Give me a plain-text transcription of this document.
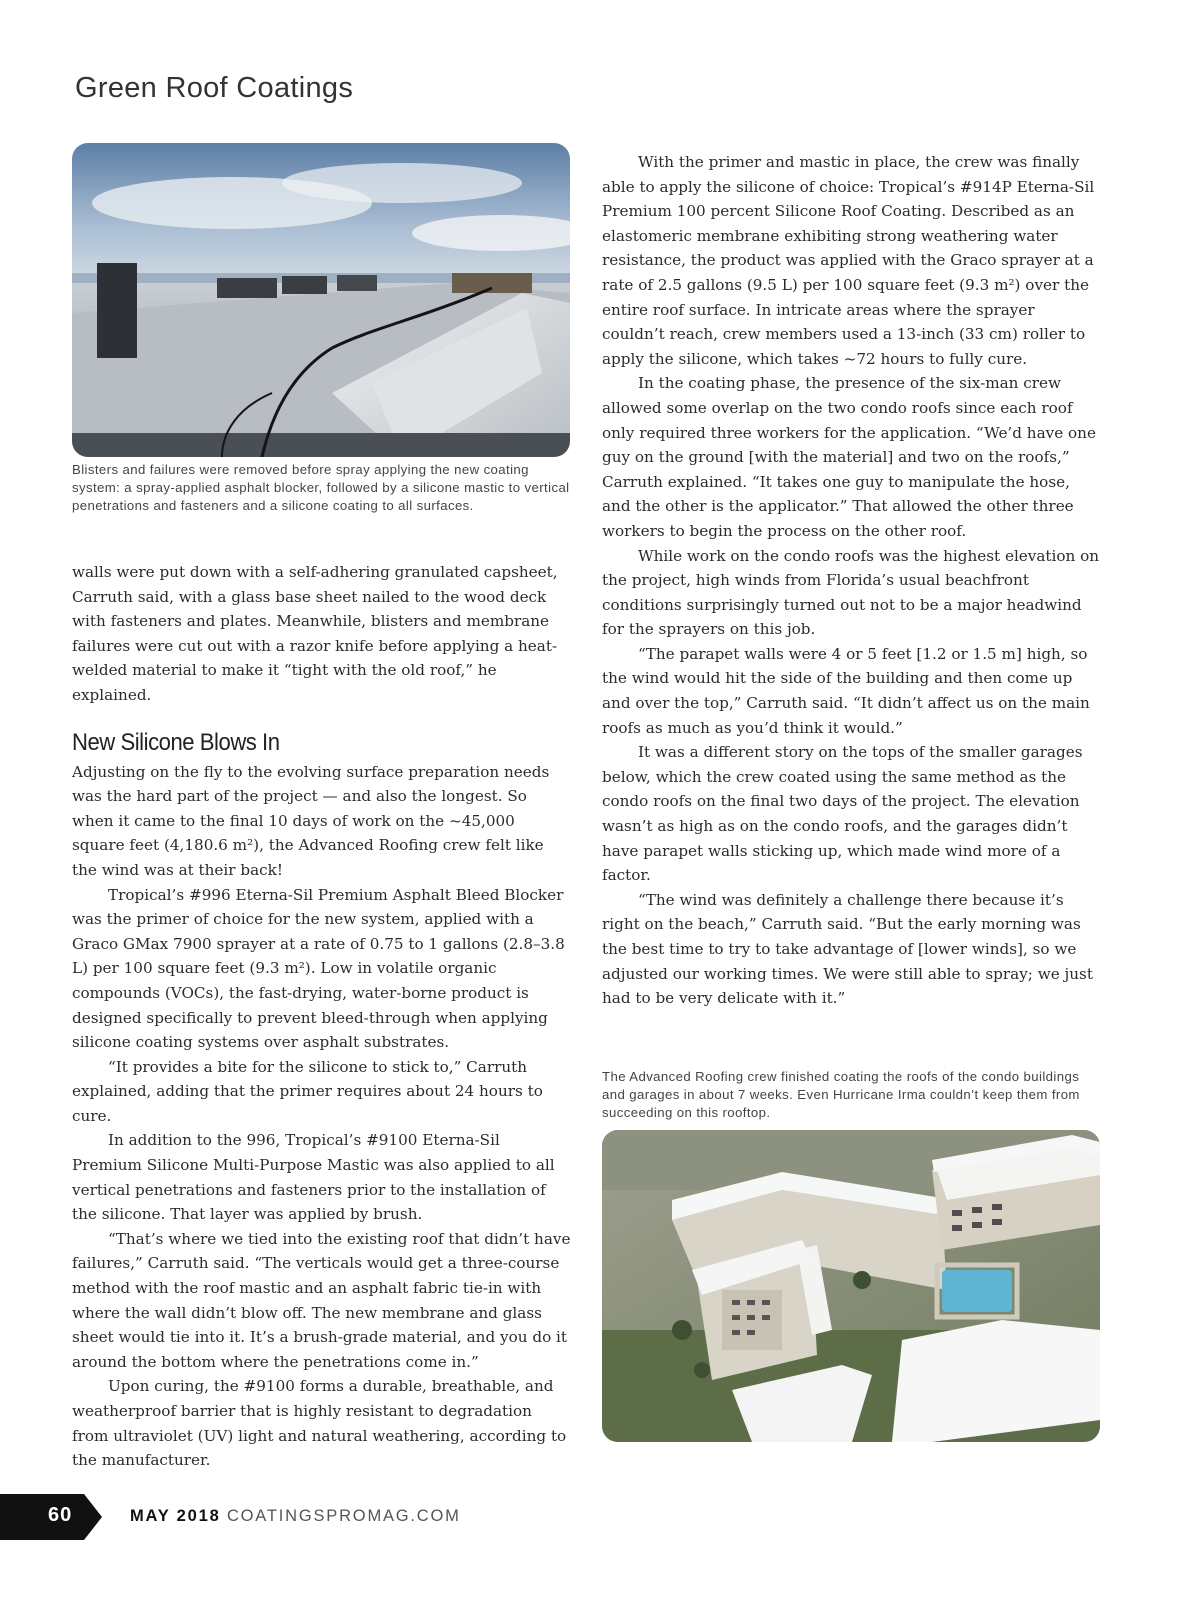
Green Roof Coatings

Blisters and failures were removed before spray applying the new coating system: a spray-applied asphalt blocker, followed by a silicone mastic to vertical penetrations and fasteners and a silicone coating to all surfaces.

walls were put down with a self-adhering granulated capsheet, Carruth said, with a glass base sheet nailed to the wood deck with fasteners and plates. Meanwhile, blisters and membrane failures were cut out with a razor knife before applying a heat-welded material to make it “tight with the old roof,” he explained.

New Silicone Blows In

Adjusting on the fly to the evolving surface preparation needs was the hard part of the project — and also the longest. So when it came to the final 10 days of work on the ~45,000 square feet (4,180.6 m²), the Advanced Roofing crew felt like the wind was at their back!

Tropical’s #996 Eterna-Sil Premium Asphalt Bleed Blocker was the primer of choice for the new system, applied with a Graco GMax 7900 sprayer at a rate of 0.75 to 1 gallons (2.8–3.8 L) per 100 square feet (9.3 m²). Low in volatile organic compounds (VOCs), the fast-drying, water-borne product is designed specifically to prevent bleed-through when applying silicone coating systems over asphalt substrates.

“It provides a bite for the silicone to stick to,” Carruth explained, adding that the primer requires about 24 hours to cure.

In addition to the 996, Tropical’s #9100 Eterna-Sil Premium Silicone Multi-Purpose Mastic was also applied to all vertical penetrations and fasteners prior to the installation of the silicone. That layer was applied by brush.

“That’s where we tied into the existing roof that didn’t have failures,” Carruth said. “The verticals would get a three-course method with the roof mastic and an asphalt fabric tie-in with where the wall didn’t blow off. The new membrane and glass sheet would tie into it. It’s a brush-grade material, and you do it around the bottom where the penetrations come in.”

Upon curing, the #9100 forms a durable, breathable, and weatherproof barrier that is highly resistant to degradation from ultraviolet (UV) light and natural weathering, according to the manufacturer.

With the primer and mastic in place, the crew was finally able to apply the silicone of choice: Tropical’s #914P Eterna-Sil Premium 100 percent Silicone Roof Coating. Described as an elastomeric membrane exhibiting strong weathering water resistance, the product was applied with the Graco sprayer at a rate of 2.5 gallons (9.5 L) per 100 square feet (9.3 m²) over the entire roof surface. In intricate areas where the sprayer couldn’t reach, crew members used a 13-inch (33 cm) roller to apply the silicone, which takes ~72 hours to fully cure.

In the coating phase, the presence of the six-man crew allowed some overlap on the two condo roofs since each roof only required three workers for the application. “We’d have one guy on the ground [with the material] and two on the roofs,” Carruth explained. “It takes one guy to manipulate the hose, and the other is the applicator.” That allowed the other three workers to begin the process on the other roof.

While work on the condo roofs was the highest elevation on the project, high winds from Florida’s usual beachfront conditions surprisingly turned out not to be a major headwind for the sprayers on this job.

“The parapet walls were 4 or 5 feet [1.2 or 1.5 m] high, so the wind would hit the side of the building and then come up and over the top,” Carruth said. “It didn’t affect us on the main roofs as much as you’d think it would.”

It was a different story on the tops of the smaller garages below, which the crew coated using the same method as the condo roofs on the final two days of the project. The elevation wasn’t as high as on the condo roofs, and the garages didn’t have parapet walls sticking up, which made wind more of a factor.

“The wind was definitely a challenge there because it’s right on the beach,” Carruth said. “But the early morning was the best time to try to take advantage of [lower winds], so we adjusted our working times. We were still able to spray; we just had to be very delicate with it.”

The Advanced Roofing crew finished coating the roofs of the condo buildings and garages in about 7 weeks. Even Hurricane Irma couldn’t keep them from succeeding on this rooftop.

60	MAY 2018 COATINGSPROMAG.COM
